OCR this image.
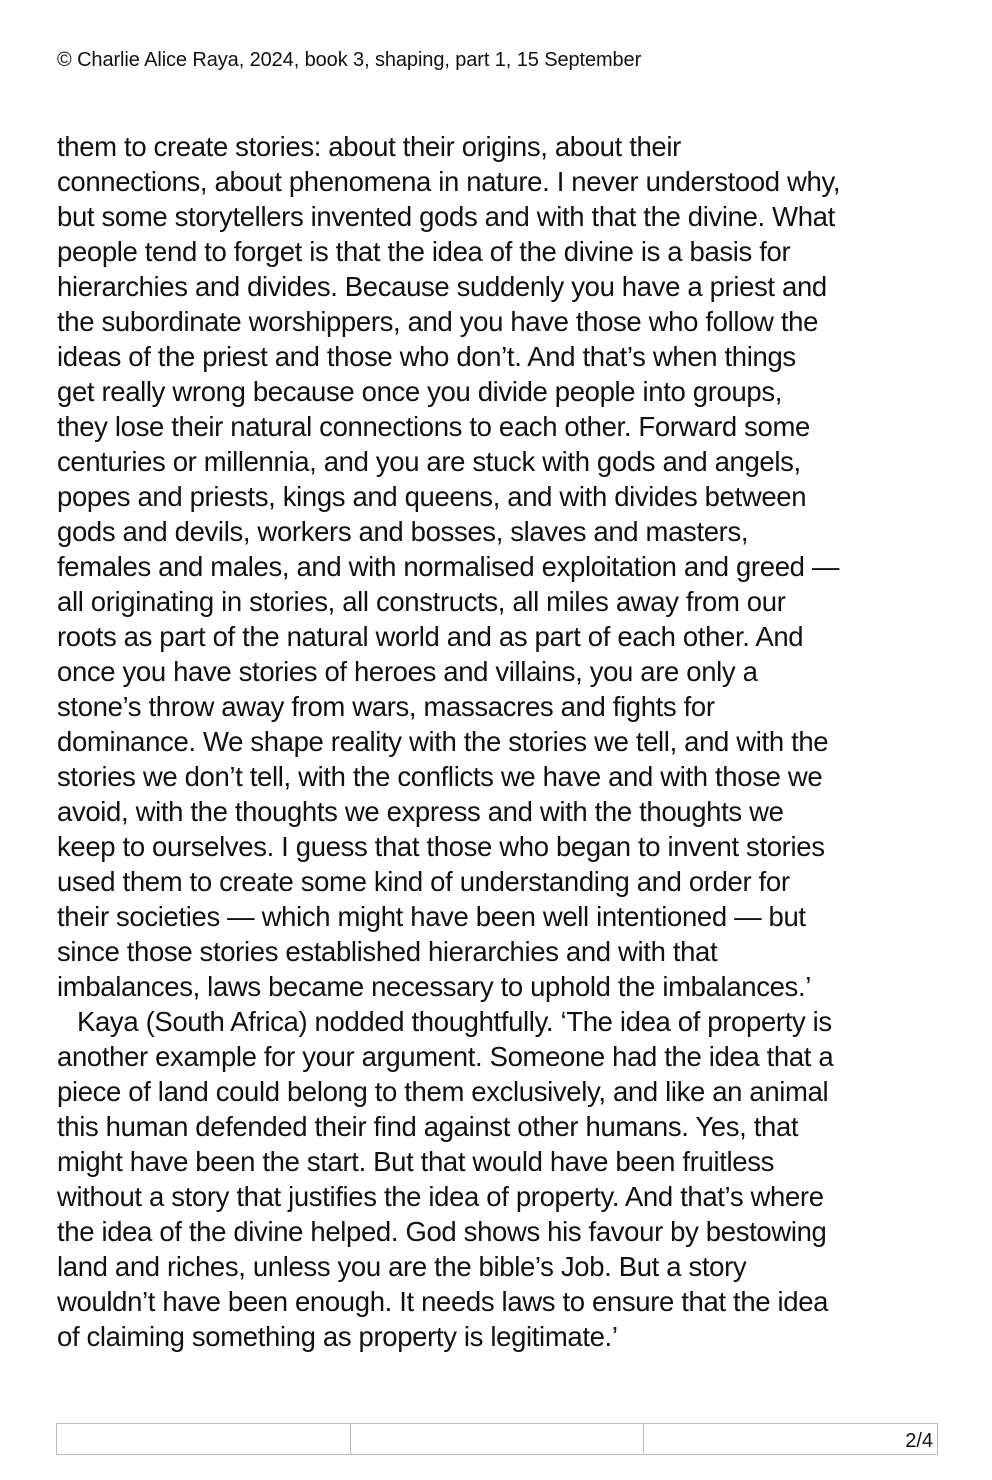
© Charlie Alice Raya, 2024, book 3, shaping, part 1, 15 September

them to create stories: about their origins, about their
connections, about phenomena in nature. I never understood why,
but some storytellers invented gods and with that the divine. What
people tend to forget is that the idea of the divine is a basis for
hierarchies and divides. Because suddenly you have a priest and
the subordinate worshippers, and you have those who follow the
ideas of the priest and those who don’t. And that’s when things
get really wrong because once you divide people into groups,
they lose their natural connections to each other. Forward some
centuries or millennia, and you are stuck with gods and angels,
popes and priests, kings and queens, and with divides between
gods and devils, workers and bosses, slaves and masters,
females and males, and with normalised exploitation and greed —
all originating in stories, all constructs, all miles away from our
roots as part of the natural world and as part of each other. And
once you have stories of heroes and villains, you are only a
stone’s throw away from wars, massacres and fights for
dominance. We shape reality with the stories we tell, and with the
stories we don’t tell, with the conflicts we have and with those we
avoid, with the thoughts we express and with the thoughts we
keep to ourselves. I guess that those who began to invent stories
used them to create some kind of understanding and order for
their societies — which might have been well intentioned — but
since those stories established hierarchies and with that
imbalances, laws became necessary to uphold the imbalances.’

Kaya (South Africa) nodded thoughtfully. ‘The idea of property is
another example for your argument. Someone had the idea that a
piece of land could belong to them exclusively, and like an animal
this human defended their find against other humans. Yes, that
might have been the start. But that would have been fruitless
without a story that justifies the idea of property. And that’s where
the idea of the divine helped. God shows his favour by bestowing
land and riches, unless you are the bible’s Job. But a story
wouldn’t have been enough. It needs laws to ensure that the idea
of claiming something as property is legitimate.’

2/4
